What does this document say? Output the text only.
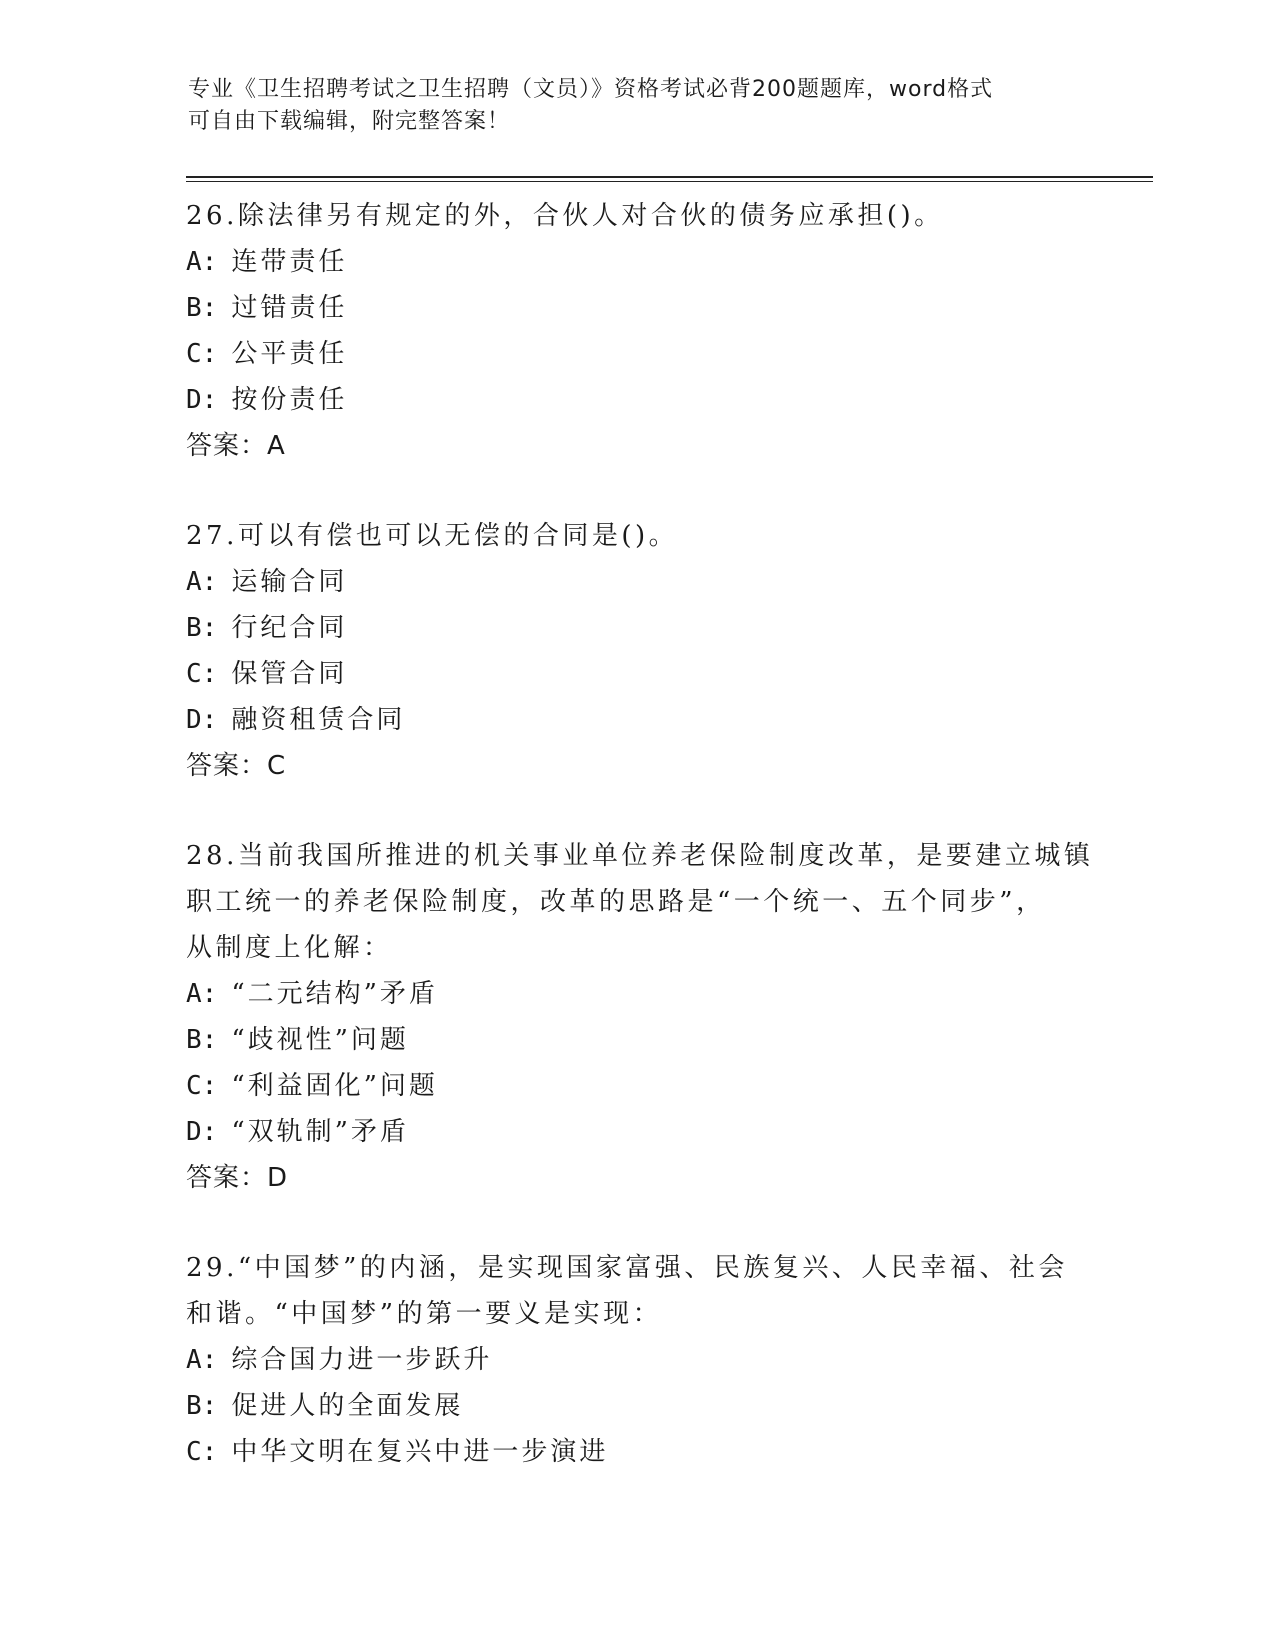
专业《卫生招聘考试之卫生招聘（文员）》资格考试必背200题题库，word格式
可自由下载编辑，附完整答案！
26.除法律另有规定的外，合伙人对合伙的债务应承担()。
A: 连带责任
B: 过错责任
C: 公平责任
D: 按份责任
答案：A
27.可以有偿也可以无偿的合同是()。
A: 运输合同
B: 行纪合同
C: 保管合同
D: 融资租赁合同
答案：C
28.当前我国所推进的机关事业单位养老保险制度改革，是要建立城镇
职工统一的养老保险制度，改革的思路是“一个统一、五个同步”，
从制度上化解：
A: “二元结构”矛盾
B: “歧视性”问题
C: “利益固化”问题
D: “双轨制”矛盾
答案：D
29.“中国梦”的内涵，是实现国家富强、民族复兴、人民幸福、社会
和谐。“中国梦”的第一要义是实现：
A: 综合国力进一步跃升
B: 促进人的全面发展
C: 中华文明在复兴中进一步演进
